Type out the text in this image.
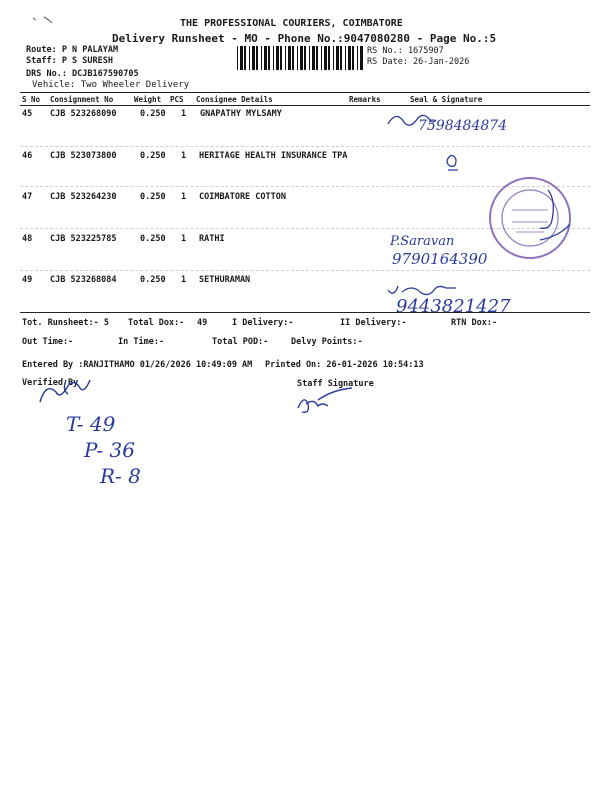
THE PROFESSIONAL COURIERS, COIMBATORE
Delivery Runsheet - MO - Phone No.:9047080280 - Page No.:5
Route: P N PALAYAM
Staff: P S SURESH
DRS No.: DCJB167590705
Vehicle: Two Wheeler Delivery
RS No.: 1675907
RS Date: 26-Jan-2026
S No Consignment No	Weight PCS Consignee Details	Remarks	Seal & Signature
45 CJB 523268090	0.250 1 GNAPATHY MYLSAMY
46 CJB 523073800	0.250 1 HERITAGE HEALTH INSURANCE TPA
47 CJB 523264230	0.250 1 COIMBATORE COTTON
48 CJB 523225785	0.250 1 RATHI
49 CJB 523268084	0.250 1 SETHURAMAN
Tot. Runsheet:- 5 Total Dox:- 49	I Delivery:-	II Delivery:-	RTN Dox:-
Out Time:-	In Time:-	Total POD:-	Delvy Points:-
Entered By :RANJITHAMO 01/26/2026 10:49:09 AM Printed On: 26-01-2026 10:54:13
Verified By	Staff Signature
7598484874
P.Saravan
9790164390
9443821427
T- 49
P- 36
R- 8
